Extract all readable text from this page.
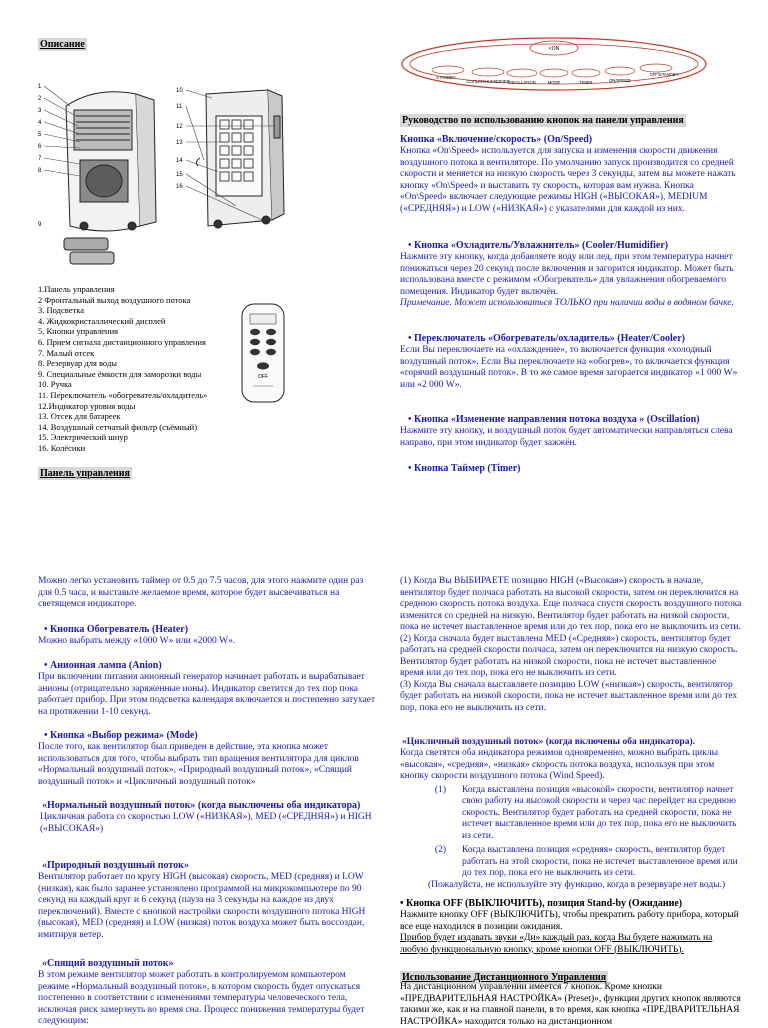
Описание
1
2
3
4
5
6
7
8
10
11
12
13
14
15
16
9
1.Панель управления
2 Фронтальный выход воздушного потока
3. Подсветка
4. Жидкокристаллический дисплей
5. Кнопки управления
6. Прием сигнала дистанционного управления
7. Малый отсек
8. Резервуар для воды
9. Специальные ёмкости для заморозки воды
10. Ручка
11. Переключатель «обогреватель/охладитель»
12.Индикатор уровня воды
13. Отсек для батареек
14. Воздушный сетчатый фильтр (съёмный)
15. Электрический шнур
16. Колёсики
OFF
Панель управления
<ON
STANDBY
COOLER/HUMIDIFIER
OSCILLATION	MODE	TIMER	ON/SPEED
OFF/STANDBY
Руководство по использованию кнопок на панели управления

Кнопка «Включение/скорость» (On/Speed)

Кнопка «On\Speed» используется для запуска и изменения скорости движения воздушного потока в вентиляторе. По умолчанию запуск производится со средней скорости и меняется на низкую скорость через 3 секунды, затем вы можете нажать кнопку «On\Speed» и выставить ту скорость, которая вам нужна. Кнопка «On\Speed» включает следующие режимы HIGH («ВЫСОКАЯ»), MEDIUM («СРЕДНЯЯ») и LOW («НИЗКАЯ») с указателями для каждой из них.

• Кнопка «Охладитель/Увлажнитель» (Cooler/Humidifier)

Нажмите эту кнопку, когда добавляете воду или лед, при этом температура начнет понижаться через 20 секунд после включения и загорится индикатор. Может быть использована вместе с режимом «Обогреватель» для увлажнения обогреваемого помещения. Индикатор будет включён.

Примечание. Может использоваться ТОЛЬКО при наличии воды в водяном бачке.

• Переключатель «Обогреватель/охладитель» (Heater/Cooler)

Если Вы переключаете на «охлаждение», то включается функция «холодный воздушный поток». Если Вы переключаете на «обогрев», то включается функция «горячий воздушный поток». В то же самое время загорается индикатор «1 000 W» или «2 000 W».

• Кнопка «Изменение направления потока воздуха » (Oscillation)

Нажмите эту кнопку, и воздушный поток будет автоматически направляться слева направо, при этом индикатор будет зажжён.

• Кнопка Таймер (Timer)

Можно легко установить таймер от 0.5 до 7.5 часов, для этого нажмите один раз для 0.5 часа, и выставьте желаемое время, которое будет высвечиваться на светящемся индикаторе.

• Кнопка Обогреватель (Heater)

Можно выбрать между «1000 W» или «2000 W».

• Анионная лампа (Anion)

При включении питания анионный генератор начинает работать и вырабатывает анионы (отрицательно заряженные ионы). Индикатор светится до тех пор пока работает прибор. При этом подсветка календаря включается и постепенно затухает на протяжении 1-10 секунд.

• Кнопка «Выбор режима» (Mode)

После того, как вентилятор был приведен в действие, эта кнопка может использоваться для того, чтобы выбрать тип вращения вентилятора для циклов «Нормальный воздушный поток», «Природный воздушный поток», «Спящий воздушный поток» и «Цикличный воздушный поток»

«Нормальный воздушный поток» (когда выключены оба индикатора)

Цикличная работа со скоростью LOW («НИЗКАЯ»), MED («СРЕДНЯЯ») и HIGH («ВЫСОКАЯ»)

«Природный воздушный поток»

Вентилятор работает по кругу HIGH (высокая) скорость, MED (средняя) и LOW (низкая), как было заранее установлено программой на микрокомпьютере по 90 секунд на каждый круг и 6 секунд (пауза на 3 секунды на каждое из двух переключений). Вместе с кнопкой настройки скорости воздушного потока HIGH (высокая), MED (средняя) и LOW (низкая) поток воздуха может быть воссоздан, имитируя ветер.

«Спящий воздушный поток»

В этом режиме вентилятор может работать в контролируемом компьютером режиме «Нормальный воздушный поток», в котором скорость будет опускаться постепенно в соответствии с изменениями температуры человеческого тела, исключая риск замерзнуть во время сна. Процесс понижения температуры будет следующим:

(1) Когда Вы ВЫБИРАЕТЕ позицию HIGH («Высокая») скорость в начале, вентилятор будет полчаса работать на высокой скорости, затем он переключится на среднюю скорость потока воздуха. Еще полчаса спустя скорость воздушного потока изменится со средней на низкую. Вентилятор будет работать на низкой скорости, пока не истечет выставленное время или до тех пор, пока его не выключить из сети.

(2) Когда сначала будет выставлена MED («Средняя») скорость, вентилятор будет работать на средней скорости полчаса, затем он переключится на низкую скорость. Вентилятор будет работать на низкой скорости, пока не истечет выставленное время или до тех пор, пока его не выключить из сети.

(3) Когда Вы сначала выставляете позицию LOW («низкая») скорость, вентилятор будет работать на низкой скорости, пока не истечет выставленное время или до тех пор, пока его не выключить из сети.

«Цикличный воздушный поток» (когда включены оба индикатора).

Когда светятся оба индикатора режимов одновременно, можно выбрать циклы «высокая», «средняя», «низкая» скорость потока воздуха, используя при этом кнопку скорости воздушного потока (Wind Speed).

(1)	Когда выставлена позиция «высокой» скорости, вентилятор начнет свою работу на высокой скорости и через час перейдет на среднюю скорость. Вентилятор будет работать на средней скорости, пока не истечет выставленное время или до тех пор, пока его не выключить из сети.
(2)	Когда выставлена позиция «средняя» скорость, вентилятор будет работать на этой скорости, пока не истечет выставленное время или до тех пор, пока его не выключить из сети.

(Пожалуйста, не используйте эту функцию, когда в резервуаре нет воды.)

• Кнопка OFF (ВЫКЛЮЧИТЬ), позиция Stand-by (Ожидание)

Нажмите кнопку OFF (ВЫКЛЮЧИТЬ), чтобы прекратить работу прибора, который все еще находился в позиции ожидания.

Прибор будет издавать звуки «Ди» каждый раз, когда Вы будете нажимать на любую функциональную кнопку, кроме кнопки OFF (ВЫКЛЮЧИТЬ).

Использование Дистанционного Управления

На дистанционном управлении имеется 7 кнопок. Кроме кнопки «ПРЕДВАРИТЕЛЬНАЯ НАСТРОЙКА» (Preset)», функции других кнопок являются такими же, как и на главной панели, в то время, как кнопка «ПРЕДВАРИТЕЛЬНАЯ НАСТРОЙКА» находится только на дистанционном
